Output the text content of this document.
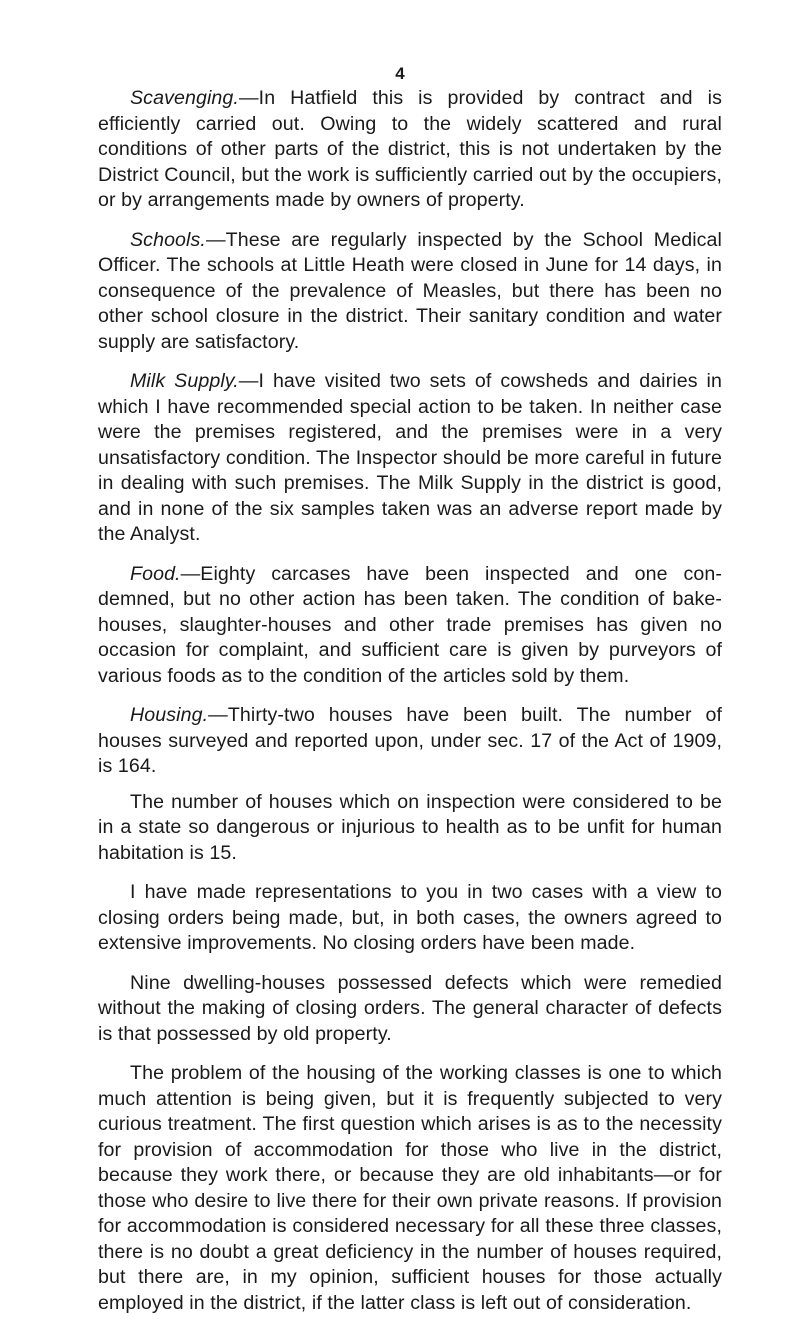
4

Scavenging.—In Hatfield this is provided by contract and is efficiently carried out. Owing to the widely scattered and rural conditions of other parts of the district, this is not undertaken by the District Council, but the work is sufficiently carried out by the occupiers, or by arrangements made by owners of property.

Schools.—These are regularly inspected by the School Medical Officer. The schools at Little Heath were closed in June for 14 days, in consequence of the prevalence of Measles, but there has been no other school closure in the district. Their sanitary condition and water supply are satisfactory.

Milk Supply.—I have visited two sets of cowsheds and dairies in which I have recommended special action to be taken. In neither case were the premises registered, and the premises were in a very unsatisfactory condition. The Inspector should be more careful in future in dealing with such premises. The Milk Supply in the district is good, and in none of the six samples taken was an adverse report made by the Analyst.

Food.—Eighty carcases have been inspected and one con-demned, but no other action has been taken. The condition of bake-houses, slaughter-houses and other trade premises has given no occasion for complaint, and sufficient care is given by purveyors of various foods as to the condition of the articles sold by them.

Housing.—Thirty-two houses have been built. The number of houses surveyed and reported upon, under sec. 17 of the Act of 1909, is 164.

The number of houses which on inspection were considered to be in a state so dangerous or injurious to health as to be unfit for human habitation is 15.

I have made representations to you in two cases with a view to closing orders being made, but, in both cases, the owners agreed to extensive improvements. No closing orders have been made.

Nine dwelling-houses possessed defects which were remedied without the making of closing orders. The general character of defects is that possessed by old property.

The problem of the housing of the working classes is one to which much attention is being given, but it is frequently subjected to very curious treatment. The first question which arises is as to the necessity for provision of accommodation for those who live in the district, because they work there, or because they are old inhabitants—or for those who desire to live there for their own private reasons. If provision for accommodation is considered necessary for all these three classes, there is no doubt a great deficiency in the number of houses required, but there are, in my opinion, sufficient houses for those actually employed in the district, if the latter class is left out of consideration.
